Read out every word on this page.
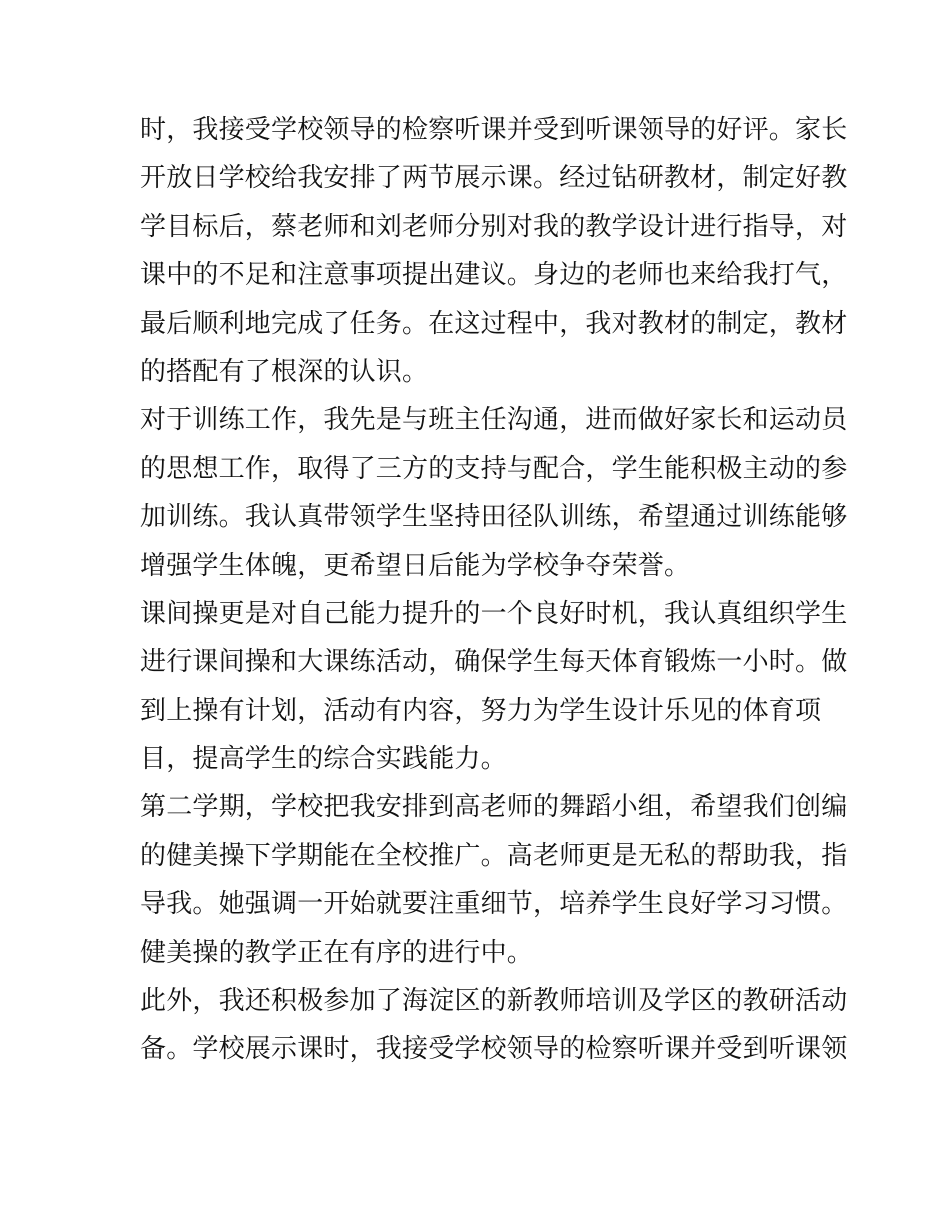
时，我接受学校领导的检察听课并受到听课领导的好评。家长
开放日学校给我安排了两节展示课。经过钻研教材，制定好教
学目标后，蔡老师和刘老师分别对我的教学设计进行指导，对
课中的不足和注意事项提出建议。身边的老师也来给我打气，
最后顺利地完成了任务。在这过程中，我对教材的制定，教材
的搭配有了根深的认识。
对于训练工作，我先是与班主任沟通，进而做好家长和运动员
的思想工作，取得了三方的支持与配合，学生能积极主动的参
加训练。我认真带领学生坚持田径队训练，希望通过训练能够
增强学生体魄，更希望日后能为学校争夺荣誉。
课间操更是对自己能力提升的一个良好时机，我认真组织学生
进行课间操和大课练活动，确保学生每天体育锻炼一小时。做
到上操有计划，活动有内容，努力为学生设计乐见的体育项
目，提高学生的综合实践能力。
第二学期，学校把我安排到高老师的舞蹈小组，希望我们创编
的健美操下学期能在全校推广。高老师更是无私的帮助我，指
导我。她强调一开始就要注重细节，培养学生良好学习习惯。
健美操的教学正在有序的进行中。
此外，我还积极参加了海淀区的新教师培训及学区的教研活动
备。学校展示课时，我接受学校领导的检察听课并受到听课领
